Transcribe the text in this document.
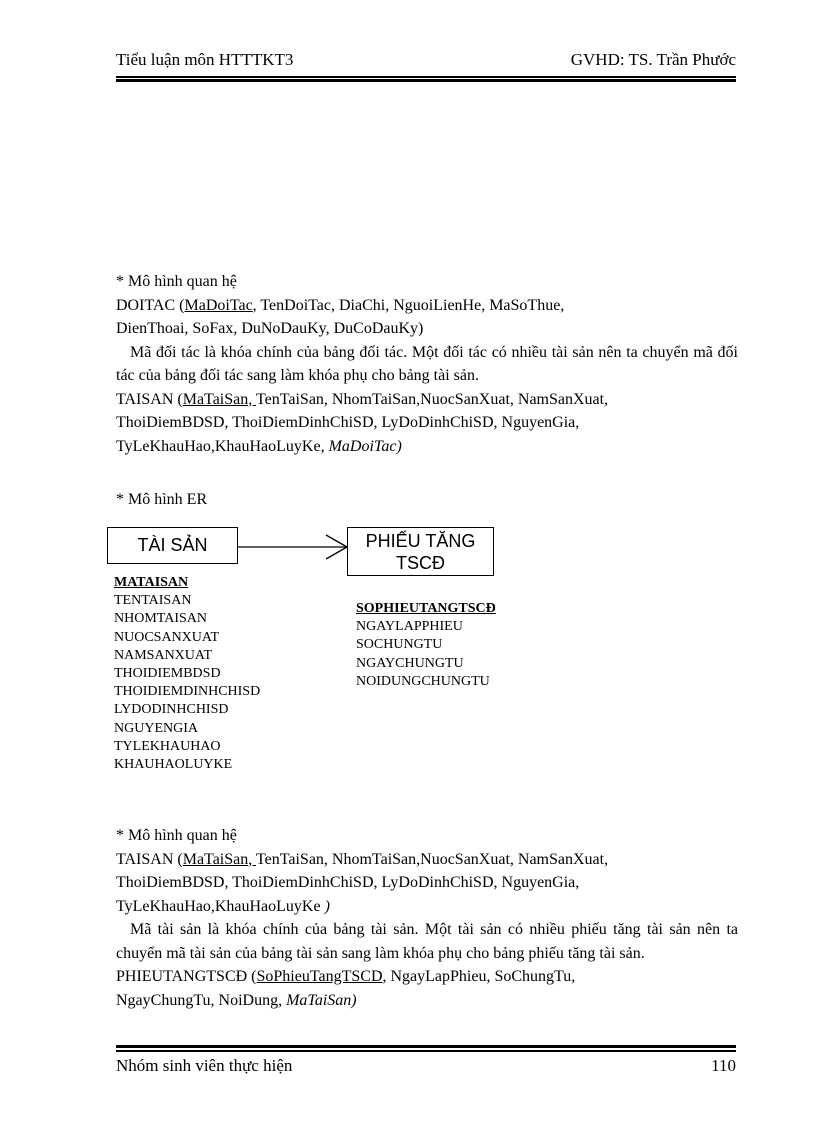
Tiểu luận môn HTTTKT3	GVHD: TS. Trần Phước
* Mô hình quan hệ
DOITAC (MaDoiTac, TenDoiTac, DiaChi, NguoiLienHe, MaSoThue,
DienThoai, SoFax, DuNoDauKy, DuCoDauKy)
Mã đối tác là khóa chính của bảng đối tác. Một đối tác có nhiều tài sản nên ta chuyển mã đối tác của bảng đối tác sang làm khóa phụ cho bảng tài sản.
TAISAN (MaTaiSan, TenTaiSan, NhomTaiSan,NuocSanXuat, NamSanXuat,
ThoiDiemBDSD, ThoiDiemDinhChiSD, LyDoDinhChiSD, NguyenGia,
TyLeKhauHao,KhauHaoLuyKe, MaDoiTac)
* Mô hình ER
TÀI SẢN	PHIẾU TĂNG
TSCĐ
MATAISAN
TENTAISAN
NHOMTAISAN
NUOCSANXUAT
NAMSANXUAT
THOIDIEMBDSD
THOIDIEMDINHCHISD
LYDODINHCHISD
NGUYENGIA
TYLEKHAUHAO
KHAUHAOLUYKE
SOPHIEUTANGTSCĐ
NGAYLAPPHIEU
SOCHUNGTU
NGAYCHUNGTU
NOIDUNGCHUNGTU
* Mô hình quan hệ
TAISAN (MaTaiSan, TenTaiSan, NhomTaiSan,NuocSanXuat, NamSanXuat,
ThoiDiemBDSD, ThoiDiemDinhChiSD, LyDoDinhChiSD, NguyenGia,
TyLeKhauHao,KhauHaoLuyKe )
Mã tài sản là khóa chính của bảng tài sản. Một tài sản có nhiều phiếu tăng tài sản nên ta chuyển mã tài sản của bảng tài sản sang làm khóa phụ cho bảng phiếu tăng tài sản.
PHIEUTANGTSCĐ (SoPhieuTangTSCD, NgayLapPhieu, SoChungTu,
NgayChungTu, NoiDung, MaTaiSan)
Nhóm sinh viên thực hiện	110
